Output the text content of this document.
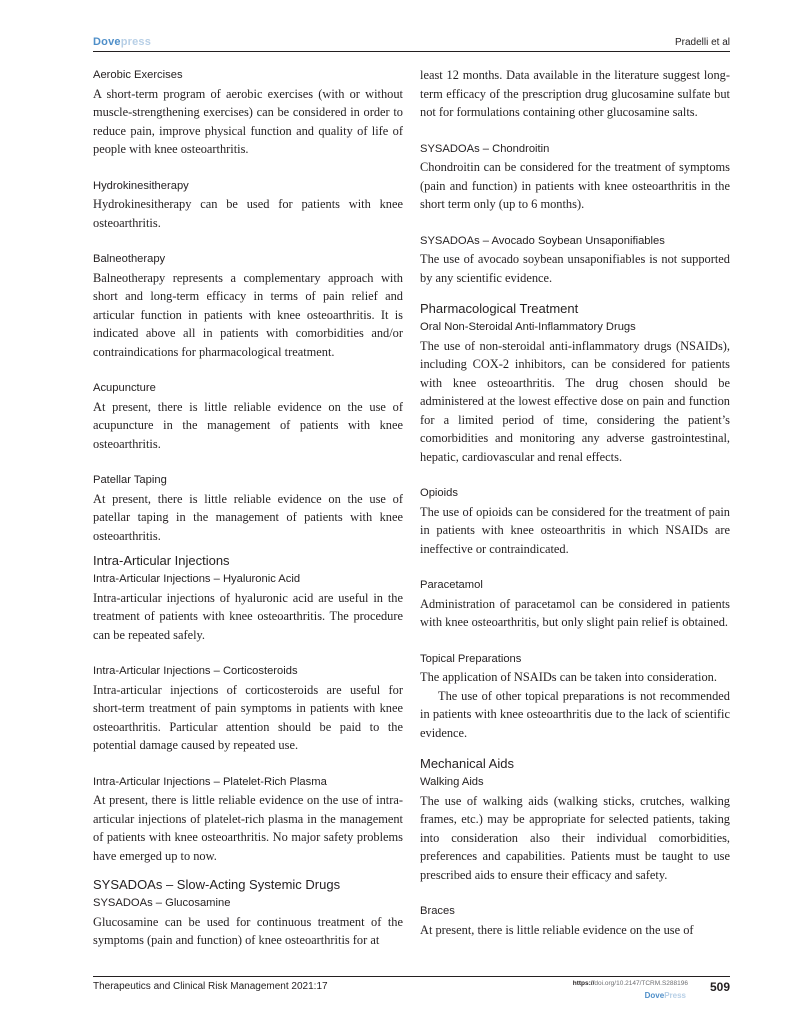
Dovepress	Pradelli et al
Aerobic Exercises

A short-term program of aerobic exercises (with or without muscle-strengthening exercises) can be considered in order to reduce pain, improve physical function and quality of life of people with knee osteoarthritis.

Hydrokinesitherapy

Hydrokinesitherapy can be used for patients with knee osteoarthritis.

Balneotherapy

Balneotherapy represents a complementary approach with short and long-term efficacy in terms of pain relief and articular function in patients with knee osteoarthritis. It is indicated above all in patients with comorbidities and/or contraindications for pharmacological treatment.

Acupuncture

At present, there is little reliable evidence on the use of acupuncture in the management of patients with knee osteoarthritis.

Patellar Taping

At present, there is little reliable evidence on the use of patellar taping in the management of patients with knee osteoarthritis.

Intra-Articular Injections
Intra-Articular Injections – Hyaluronic Acid

Intra-articular injections of hyaluronic acid are useful in the treatment of patients with knee osteoarthritis. The procedure can be repeated safely.

Intra-Articular Injections – Corticosteroids

Intra-articular injections of corticosteroids are useful for short-term treatment of pain symptoms in patients with knee osteoarthritis. Particular attention should be paid to the potential damage caused by repeated use.

Intra-Articular Injections – Platelet-Rich Plasma

At present, there is little reliable evidence on the use of intra-articular injections of platelet-rich plasma in the management of patients with knee osteoarthritis. No major safety problems have emerged up to now.

SYSADOAs – Slow-Acting Systemic Drugs
SYSADOAs – Glucosamine

Glucosamine can be used for continuous treatment of the symptoms (pain and function) of knee osteoarthritis for at

least 12 months. Data available in the literature suggest long-term efficacy of the prescription drug glucosamine sulfate but not for formulations containing other glucosamine salts.

SYSADOAs – Chondroitin

Chondroitin can be considered for the treatment of symptoms (pain and function) in patients with knee osteoarthritis in the short term only (up to 6 months).

SYSADOAs – Avocado Soybean Unsaponifiables

The use of avocado soybean unsaponifiables is not supported by any scientific evidence.

Pharmacological Treatment
Oral Non-Steroidal Anti-Inflammatory Drugs

The use of non-steroidal anti-inflammatory drugs (NSAIDs), including COX-2 inhibitors, can be considered for patients with knee osteoarthritis. The drug chosen should be administered at the lowest effective dose on pain and function for a limited period of time, considering the patient’s comorbidities and monitoring any adverse gastrointestinal, hepatic, cardiovascular and renal effects.

Opioids

The use of opioids can be considered for the treatment of pain in patients with knee osteoarthritis in which NSAIDs are ineffective or contraindicated.

Paracetamol

Administration of paracetamol can be considered in patients with knee osteoarthritis, but only slight pain relief is obtained.

Topical Preparations

The application of NSAIDs can be taken into consideration.

The use of other topical preparations is not recommended in patients with knee osteoarthritis due to the lack of scientific evidence.

Mechanical Aids
Walking Aids

The use of walking aids (walking sticks, crutches, walking frames, etc.) may be appropriate for selected patients, taking into consideration also their individual comorbidities, preferences and capabilities. Patients must be taught to use prescribed aids to ensure their efficacy and safety.

Braces

At present, there is little reliable evidence on the use of

Therapeutics and Clinical Risk Management 2021:17	https://doi.org/10.2147/TCRM.S288196
DovePress
509
